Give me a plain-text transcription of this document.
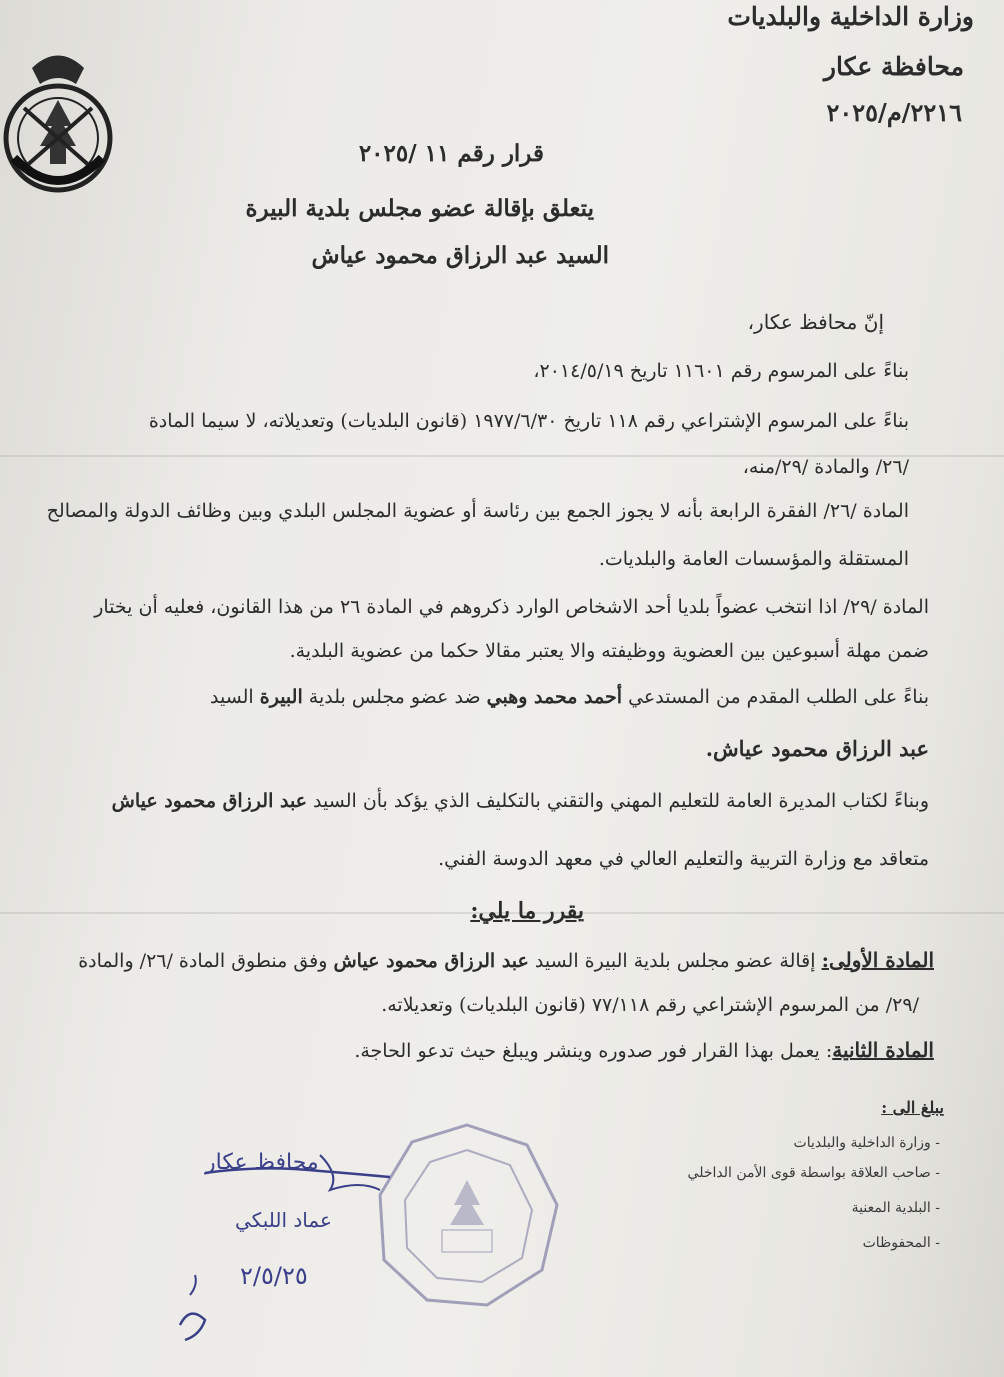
وزارة الداخلية والبلديات
محافظة عكار
٢٢١٦/م/٢٠٢٥
قرار رقم ١١ /٢٠٢٥
يتعلق بإقالة عضو مجلس بلدية البيرة
السيد عبد الرزاق محمود عياش
إنّ محافظ عكار،
بناءً على المرسوم رقم ١١٦٠١ تاريخ ٢٠١٤/٥/١٩،
بناءً على المرسوم الإشتراعي رقم ١١٨ تاريخ ١٩٧٧/٦/٣٠ (قانون البلديات) وتعديلاته، لا سيما المادة
/٢٦/ والمادة /٢٩/منه،
المادة /٢٦/ الفقرة الرابعة بأنه لا يجوز الجمع بين رئاسة أو عضوية المجلس البلدي وبين وظائف الدولة والمصالح
المستقلة والمؤسسات العامة والبلديات.
المادة /٢٩/ اذا انتخب عضواً بلديا أحد الاشخاص الوارد ذكروهم في المادة ٢٦ من هذا القانون، فعليه أن يختار
ضمن مهلة أسبوعين بين العضوية ووظيفته والا يعتبر مقالا حكما من عضوية البلدية.
بناءً على الطلب المقدم من المستدعي أحمد محمد وهبي ضد عضو مجلس بلدية البيرة السيد
عبد الرزاق محمود عياش.
وبناءً لكتاب المديرة العامة للتعليم المهني والتقني بالتكليف الذي يؤكد بأن السيد عبد الرزاق محمود عياش
متعاقد مع وزارة التربية والتعليم العالي في معهد الدوسة الفني.
يقرر ما يلي:
المادة الأولى: إقالة عضو مجلس بلدية البيرة السيد عبد الرزاق محمود عياش وفق منطوق المادة /٢٦/ والمادة
/٢٩/ من المرسوم الإشتراعي رقم ٧٧/١١٨ (قانون البلديات) وتعديلاته.
المادة الثانية: يعمل بهذا القرار فور صدوره وينشر ويبلغ حيث تدعو الحاجة.
يبلغ الى :
- وزارة الداخلية والبلديات
- صاحب العلاقة بواسطة قوى الأمن الداخلي
- البلدية المعنية
- المحفوظات
محافظ عكار
عماد اللبكي
٢/٥/٢٥
